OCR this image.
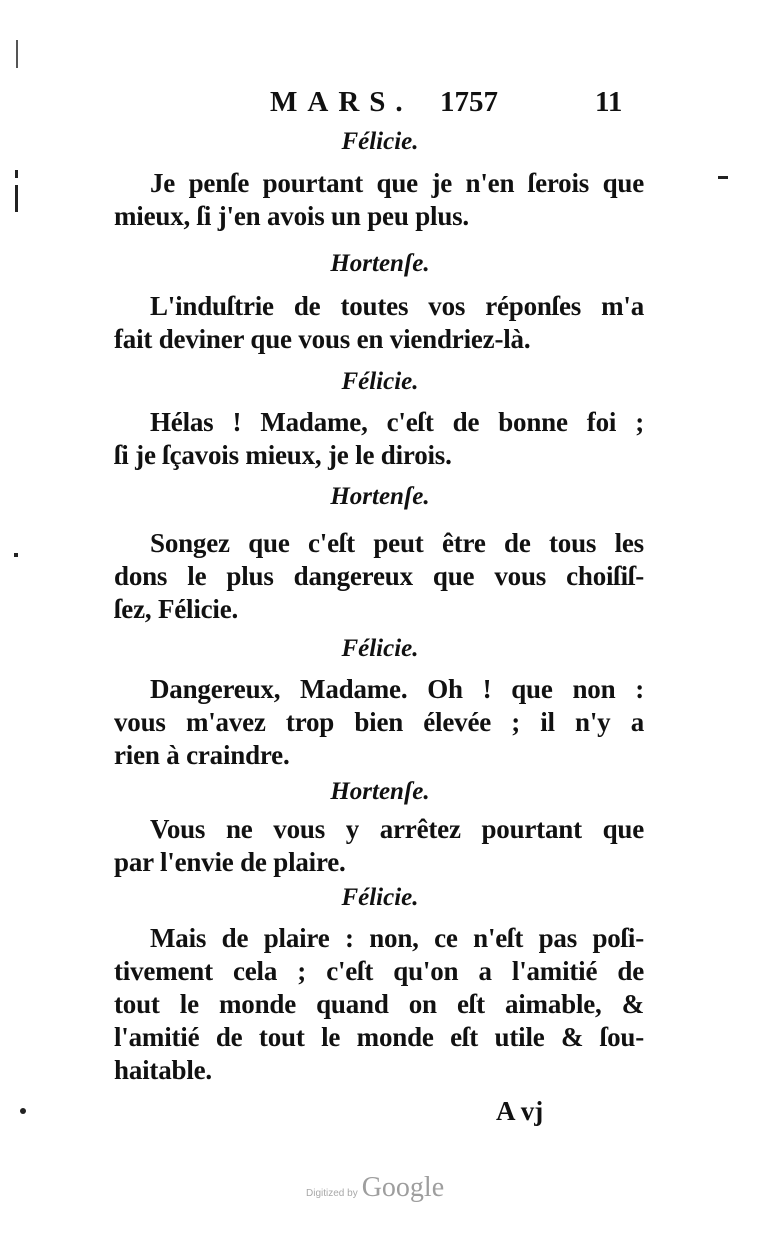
MARS. 1757	11
Félicie.
Je penſe pourtant que je n'en ſerois que
mieux, ſi j'en avois un peu plus.
Hortenſe.
L'induſtrie de toutes vos réponſes m'a
fait deviner que vous en viendriez-là.
Félicie.
Hélas ! Madame, c'eſt de bonne foi ;
ſi je ſçavois mieux, je le dirois.
Hortenſe.
Songez que c'eſt peut être de tous les
dons le plus dangereux que vous choiſiſ-
ſez, Félicie.
Félicie.
Dangereux, Madame. Oh ! que non :
vous m'avez trop bien élevée ; il n'y a
rien à craindre.
Hortenſe.
Vous ne vous y arrêtez pourtant que
par l'envie de plaire.
Félicie.
Mais de plaire : non, ce n'eſt pas poſi-
tivement cela ; c'eſt qu'on a l'amitié de
tout le monde quand on eſt aimable, &
l'amitié de tout le monde eſt utile & ſou-
haitable.
A vj
Digitized by Google
